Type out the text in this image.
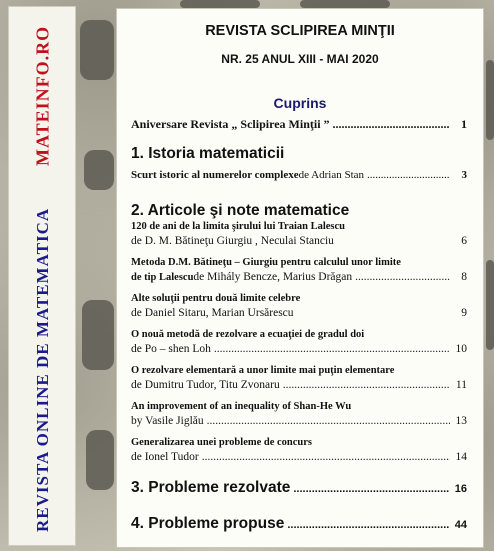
MATEINFO.RO
REVISTA ONLINE DE MATEMATICA
REVISTA SCLIPIREA MINŢII
NR. 25 ANUL XIII - MAI 2020
Cuprins
Aniversare Revista „ Sclipirea Minţii ” .....	1
1. Istoria matematicii
Scurt istoric al numerelor complexe de Adrian Stan .....	3
2. Articole şi note matematice
120 de ani de la limita şirului lui Traian Lalescu
de D. M. Bătineţu Giurgiu , Neculai Stanciu	6
Metoda D.M. Bătineţu – Giurgiu pentru calculul unor limite
de tip Lalescu de Mihály Bencze, Marius Drăgan .....	8
Alte soluţii pentru două limite celebre
de Daniel Sitaru, Marian Ursărescu	9
O nouă metodă de rezolvare a ecuaţiei de gradul doi
de Po – shen Loh .....	10
O rezolvare elementară a unor limite mai puţin elementare
de Dumitru Tudor, Titu Zvonaru .....	11
An improvement of an inequality of Shan-He Wu
by Vasile Jiglău .....	13
Generalizarea unei probleme de concurs
de Ionel Tudor .....	14
3. Probleme rezolvate .....	16
4. Probleme propuse .....	44
